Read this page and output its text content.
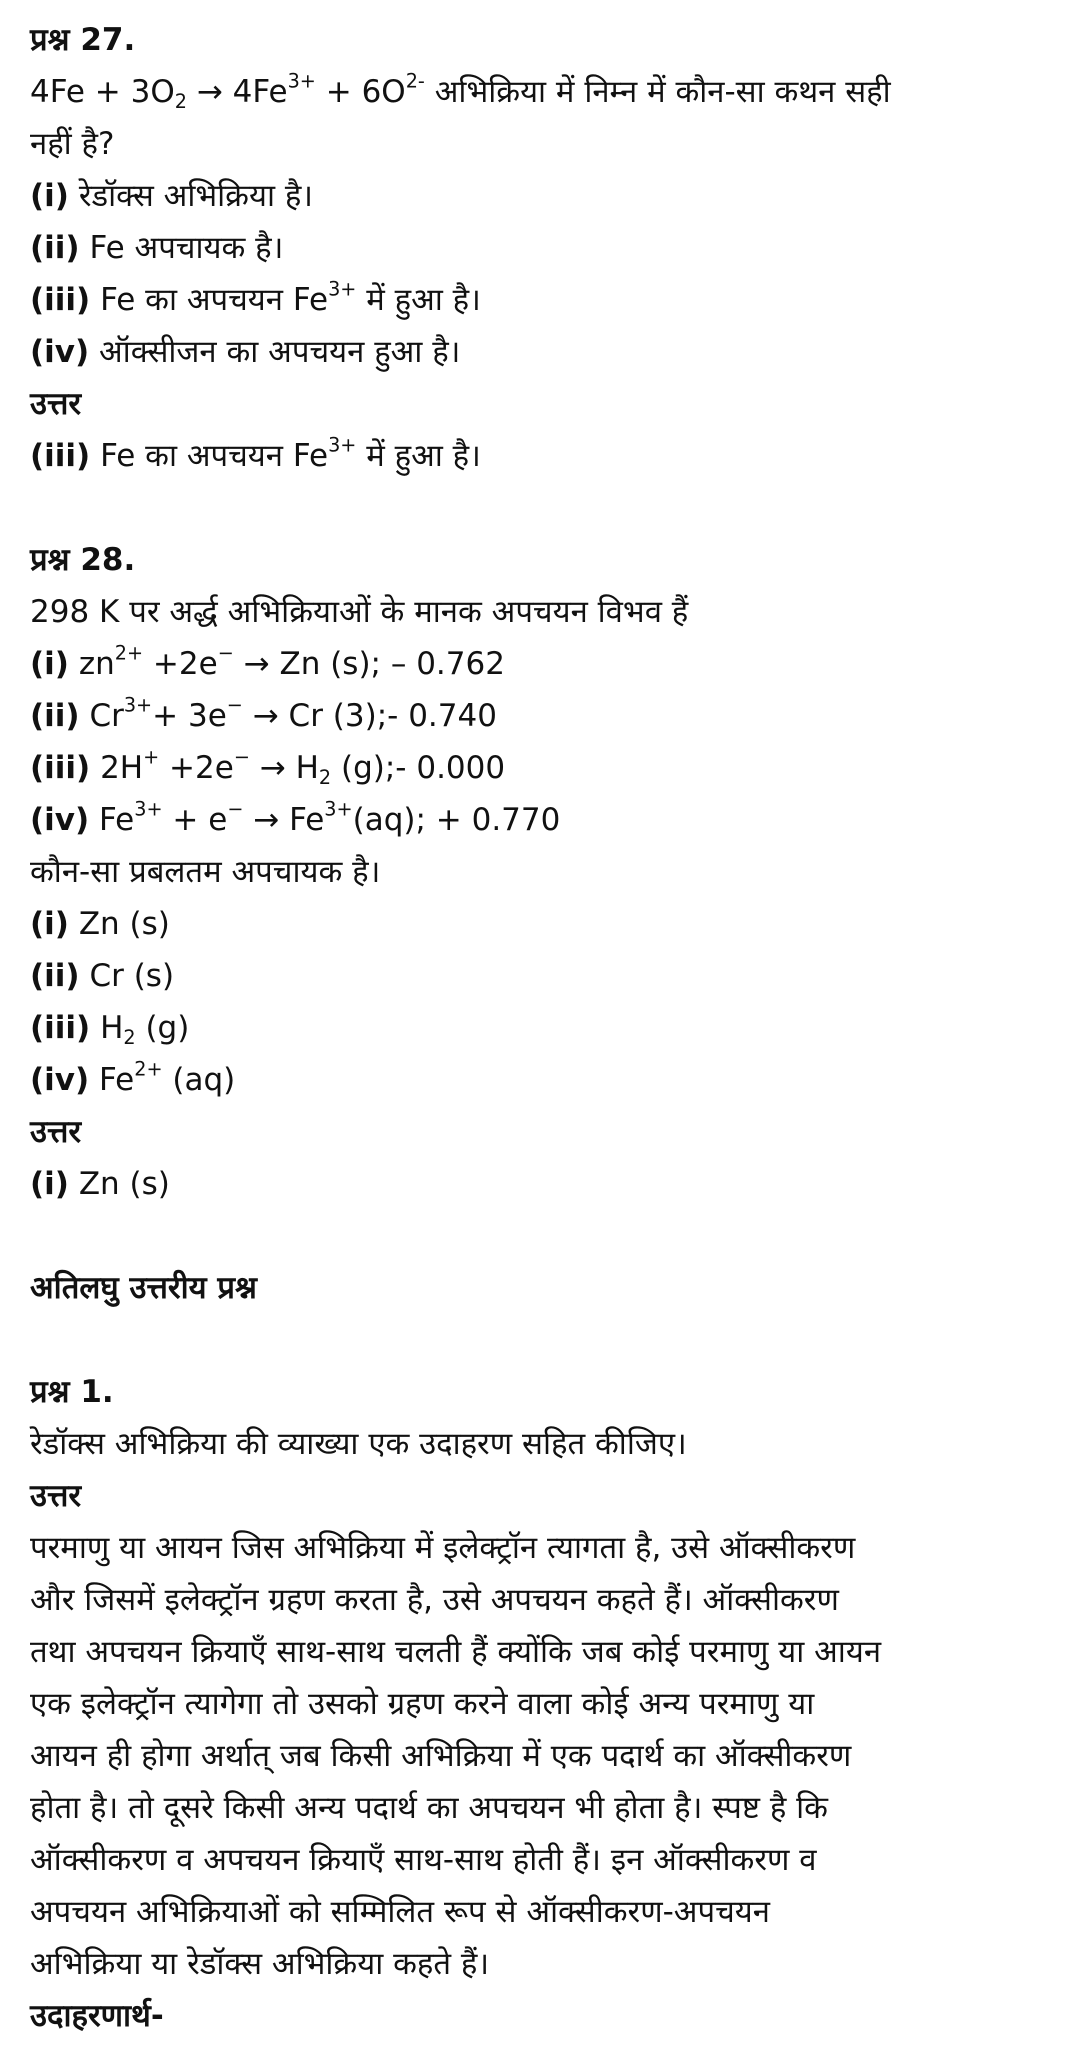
प्रश्न 27.
$4Fe + 3O_2 \to 4Fe^{3+} + 6O^{2-}$ अभिक्रिया में निम्न में कौन-सा कथन सही
नहीं है?
(i) रेडॉक्स अभिक्रिया है।
(ii) Fe अपचायक है।
(iii) Fe का अपचयन $Fe^{3+}$ में हुआ है।
(iv) ऑक्सीजन का अपचयन हुआ है।
उत्तर
(iii) Fe का अपचयन $Fe^{3+}$ में हुआ है।
प्रश्न 28.
298 K पर अर्द्ध अभिक्रियाओं के मानक अपचयन विभव हैं
(i) $zn^{2+} +2e^- \to Zn$ (s); – 0.762
(ii) $Cr^{3+}+ 3e^- \to Cr$ (3);- 0.740
(iii) $2H^+ +2e^- \to H_2$ (g);- 0.000
(iv) $Fe^{3+} + e^- \to Fe^{3+}(aq)$; + 0.770
कौन-सा प्रबलतम अपचायक है।
(i) Zn (s)
(ii) Cr (s)
(iii) $H_2$ (g)
(iv) $Fe^{2+}$ (aq)
उत्तर
(i) Zn (s)
अतिलघु उत्तरीय प्रश्न
प्रश्न 1.
रेडॉक्स अभिक्रिया की व्याख्या एक उदाहरण सहित कीजिए।
उत्तर
परमाणु या आयन जिस अभिक्रिया में इलेक्ट्रॉन त्यागता है, उसे ऑक्सीकरण
और जिसमें इलेक्ट्रॉन ग्रहण करता है, उसे अपचयन कहते हैं। ऑक्सीकरण
तथा अपचयन क्रियाएँ साथ-साथ चलती हैं क्योंकि जब कोई परमाणु या आयन
एक इलेक्ट्रॉन त्यागेगा तो उसको ग्रहण करने वाला कोई अन्य परमाणु या
आयन ही होगा अर्थात् जब किसी अभिक्रिया में एक पदार्थ का ऑक्सीकरण
होता है। तो दूसरे किसी अन्य पदार्थ का अपचयन भी होता है। स्पष्ट है कि
ऑक्सीकरण व अपचयन क्रियाएँ साथ-साथ होती हैं। इन ऑक्सीकरण व
अपचयन अभिक्रियाओं को सम्मिलित रूप से ऑक्सीकरण-अपचयन
अभिक्रिया या रेडॉक्स अभिक्रिया कहते हैं।
उदाहरणार्थ-
